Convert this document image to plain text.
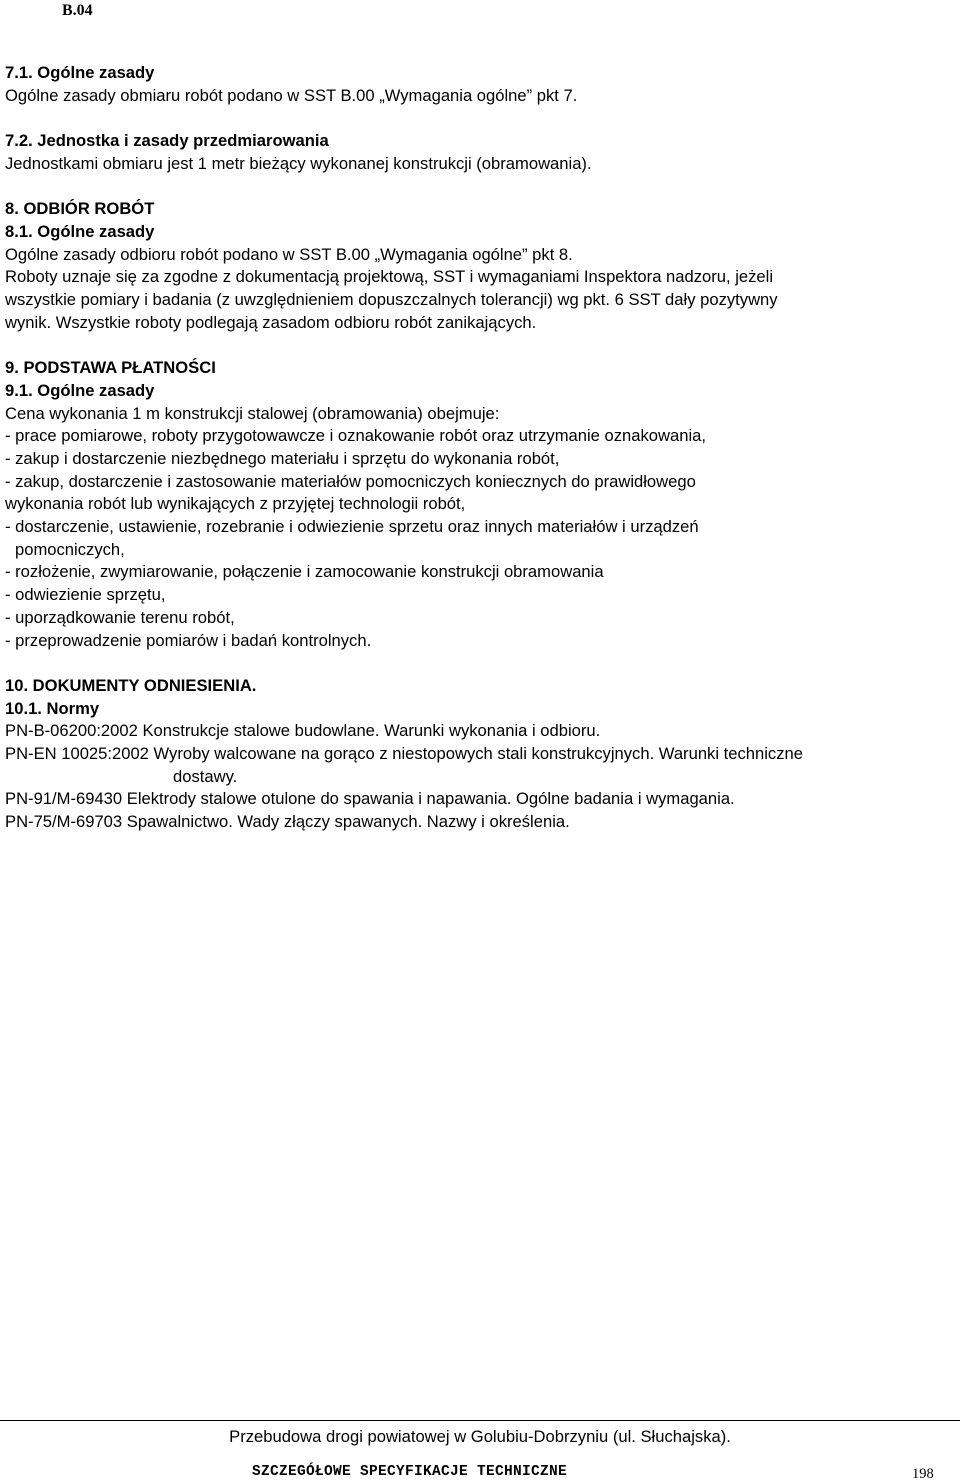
B.04

7.1. Ogólne zasady

Ogólne zasady obmiaru robót podano w SST B.00 „Wymagania ogólne” pkt 7.

7.2. Jednostka i zasady przedmiarowania

Jednostkami obmiaru jest 1 metr bieżący wykonanej konstrukcji (obramowania).

8. ODBIÓR ROBÓT

8.1. Ogólne zasady

Ogólne zasady odbioru robót podano w SST B.00 „Wymagania ogólne” pkt 8.

Roboty uznaje się za zgodne z dokumentacją projektową, SST i wymaganiami Inspektora nadzoru, jeżeli

wszystkie pomiary i badania (z uwzględnieniem dopuszczalnych tolerancji) wg pkt. 6 SST dały pozytywny

wynik. Wszystkie roboty podlegają zasadom odbioru robót zanikających.

9. PODSTAWA PŁATNOŚCI

9.1. Ogólne zasady

Cena wykonania 1 m konstrukcji stalowej (obramowania) obejmuje:

- prace pomiarowe, roboty przygotowawcze i oznakowanie robót oraz utrzymanie oznakowania,

- zakup i dostarczenie niezbędnego materiału i sprzętu do wykonania robót,

- zakup, dostarczenie i zastosowanie materiałów pomocniczych koniecznych do prawidłowego

wykonania robót lub wynikających z przyjętej technologii robót,

- dostarczenie, ustawienie, rozebranie i odwiezienie sprzetu oraz innych materiałów i urządzeń

pomocniczych,

- rozłożenie, zwymiarowanie, połączenie i zamocowanie konstrukcji obramowania

- odwiezienie sprzętu,

- uporządkowanie terenu robót,

- przeprowadzenie pomiarów i badań kontrolnych.

10. DOKUMENTY ODNIESIENIA.

10.1. Normy

PN-B-06200:2002 Konstrukcje stalowe budowlane. Warunki wykonania i odbioru.

PN-EN 10025:2002 Wyroby walcowane na gorąco z niestopowych stali konstrukcyjnych. Warunki techniczne

dostawy.

PN-91/M-69430 Elektrody stalowe otulone do spawania i napawania. Ogólne badania i wymagania.

PN-75/M-69703 Spawalnictwo. Wady złączy spawanych. Nazwy i określenia.

Przebudowa drogi powiatowej w Golubiu-Dobrzyniu (ul. Słuchajska).
SZCZEGÓŁOWE SPECYFIKACJE TECHNICZNE	198
